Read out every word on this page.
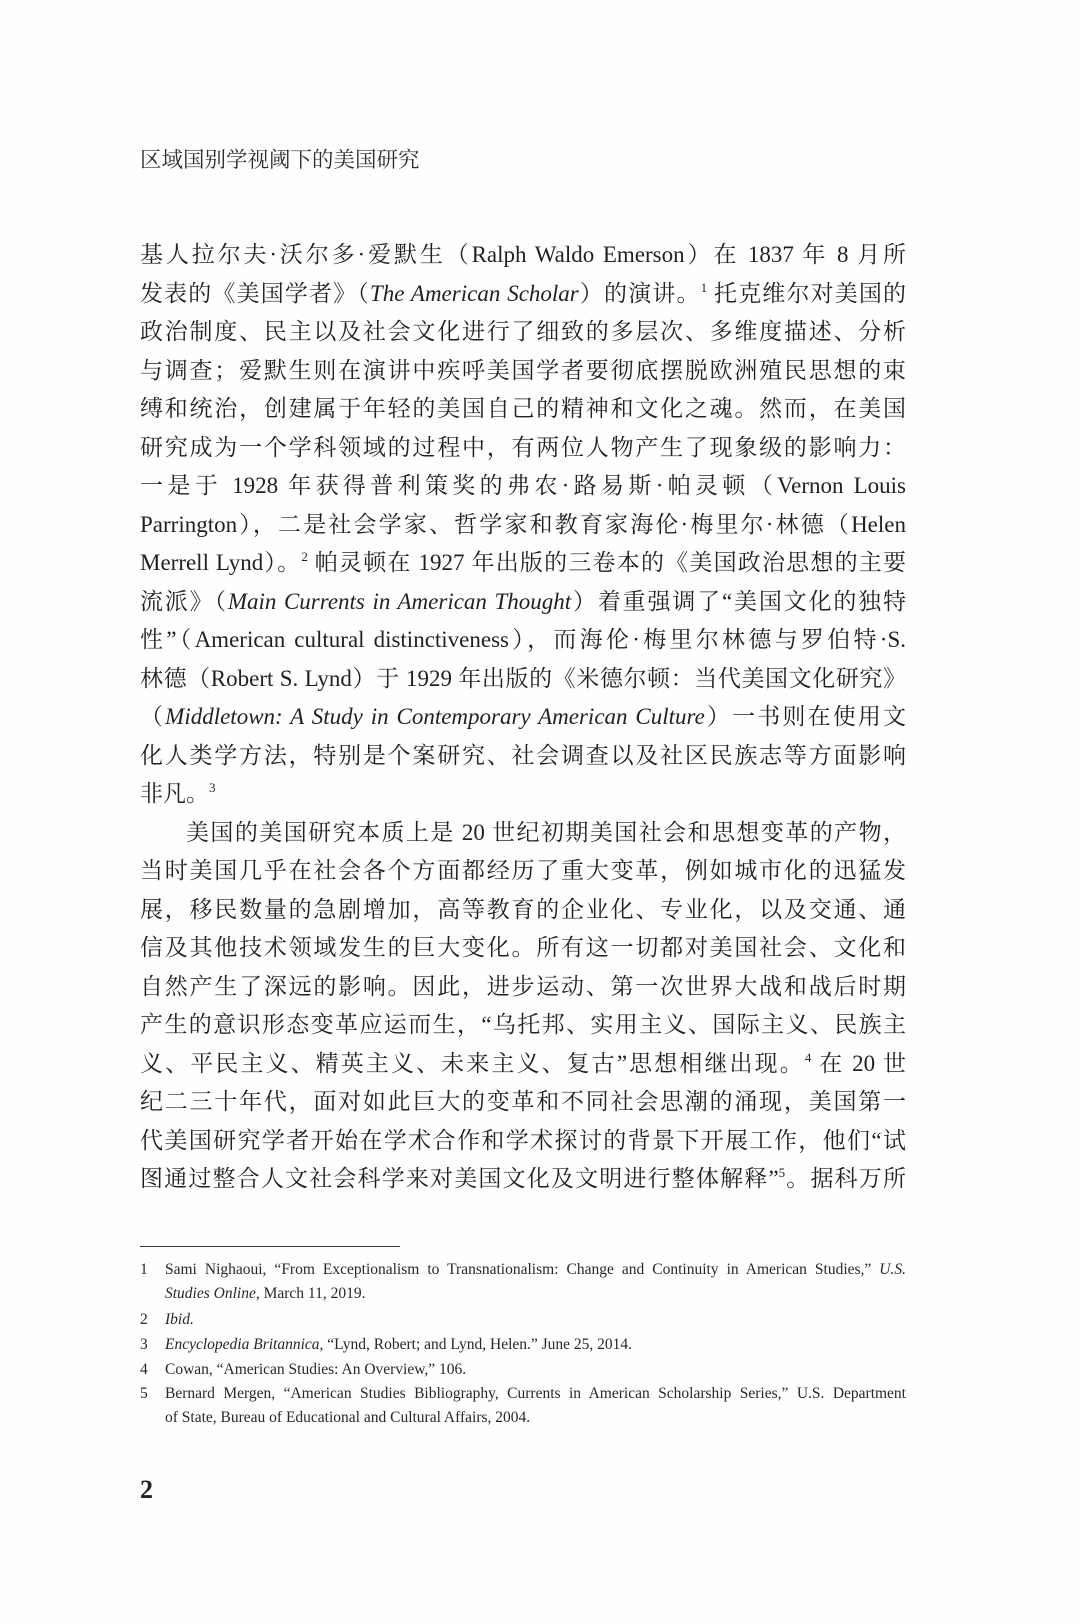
区域国别学视阈下的美国研究
基人拉尔夫·沃尔多·爱默生（Ralph Waldo Emerson）在 1837 年 8 月所
发表的《美国学者》（The American Scholar）的演讲。$^1$ 托克维尔对美国的
政治制度、民主以及社会文化进行了细致的多层次、多维度描述、分析
与调查；爱默生则在演讲中疾呼美国学者要彻底摆脱欧洲殖民思想的束
缚和统治，创建属于年轻的美国自己的精神和文化之魂。然而，在美国
研究成为一个学科领域的过程中，有两位人物产生了现象级的影响力：
一是于 1928 年获得普利策奖的弗农·路易斯·帕灵顿（Vernon Louis
Parrington），二是社会学家、哲学家和教育家海伦·梅里尔·林德（Helen
Merrell Lynd）。$^2$ 帕灵顿在 1927 年出版的三卷本的《美国政治思想的主要
流派》（Main Currents in American Thought）着重强调了“美国文化的独特
性”（American cultural distinctiveness），而海伦·梅里尔林德与罗伯特·S.
林德（Robert S. Lynd）于 1929 年出版的《米德尔顿：当代美国文化研究》
（Middletown: A Study in Contemporary American Culture）一书则在使用文
化人类学方法，特别是个案研究、社会调查以及社区民族志等方面影响
非凡。$^3$
美国的美国研究本质上是 20 世纪初期美国社会和思想变革的产物，
当时美国几乎在社会各个方面都经历了重大变革，例如城市化的迅猛发
展，移民数量的急剧增加，高等教育的企业化、专业化，以及交通、通
信及其他技术领域发生的巨大变化。所有这一切都对美国社会、文化和
自然产生了深远的影响。因此，进步运动、第一次世界大战和战后时期
产生的意识形态变革应运而生，“乌托邦、实用主义、国际主义、民族主
义、平民主义、精英主义、未来主义、复古”思想相继出现。$^4$ 在 20 世
纪二三十年代，面对如此巨大的变革和不同社会思潮的涌现，美国第一
代美国研究学者开始在学术合作和学术探讨的背景下开展工作，他们“试
图通过整合人文社会科学来对美国文化及文明进行整体解释”$^5$。据科万所
1 Sami Nighaoui, “From Exceptionalism to Transnationalism: Change and Continuity in American Studies,” U.S.
Studies Online, March 11, 2019.
2 Ibid.
3 Encyclopedia Britannica, “Lynd, Robert; and Lynd, Helen.” June 25, 2014.
4 Cowan, “American Studies: An Overview,” 106.
5 Bernard Mergen, “American Studies Bibliography, Currents in American Scholarship Series,” U.S. Department
of State, Bureau of Educational and Cultural Affairs, 2004.
2
